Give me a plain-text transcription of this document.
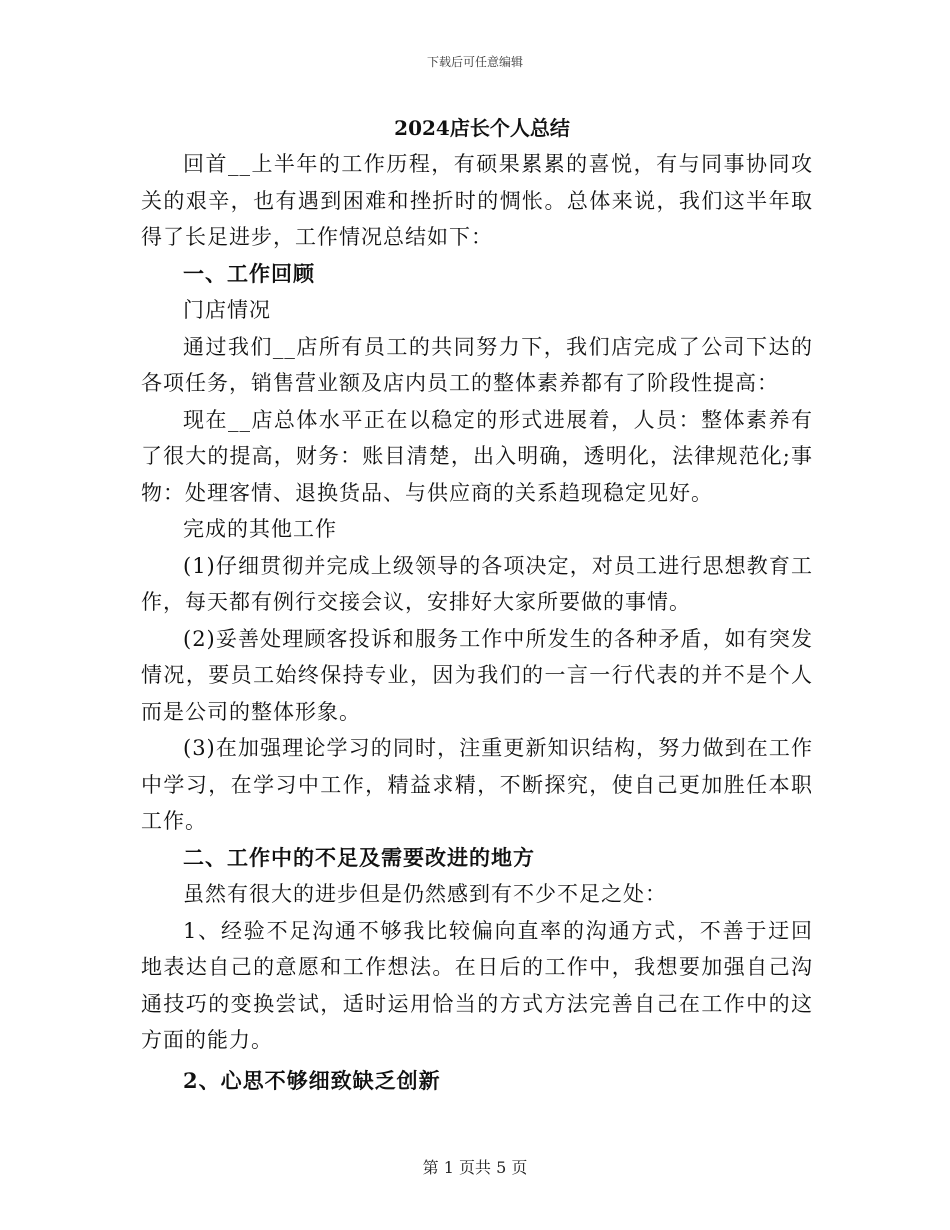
下载后可任意编辑

2024店长个人总结

回首__上半年的工作历程，有硕果累累的喜悦，有与同事协同攻关的艰辛，也有遇到困难和挫折时的惆怅。总体来说，我们这半年取得了长足进步，工作情况总结如下：

一、工作回顾

门店情况

通过我们__店所有员工的共同努力下，我们店完成了公司下达的各项任务，销售营业额及店内员工的整体素养都有了阶段性提高：

现在__店总体水平正在以稳定的形式进展着，人员：整体素养有了很大的提高，财务：账目清楚，出入明确，透明化，法律规范化;事物：处理客情、退换货品、与供应商的关系趋现稳定见好。

完成的其他工作

(1)仔细贯彻并完成上级领导的各项决定，对员工进行思想教育工作，每天都有例行交接会议，安排好大家所要做的事情。

(2)妥善处理顾客投诉和服务工作中所发生的各种矛盾，如有突发情况，要员工始终保持专业，因为我们的一言一行代表的并不是个人而是公司的整体形象。

(3)在加强理论学习的同时，注重更新知识结构，努力做到在工作中学习，在学习中工作，精益求精，不断探究，使自己更加胜任本职工作。

二、工作中的不足及需要改进的地方

虽然有很大的进步但是仍然感到有不少不足之处：

1、经验不足沟通不够我比较偏向直率的沟通方式，不善于迂回地表达自己的意愿和工作想法。在日后的工作中，我想要加强自己沟通技巧的变换尝试，适时运用恰当的方式方法完善自己在工作中的这方面的能力。

2、心思不够细致缺乏创新

第 1 页共 5 页
